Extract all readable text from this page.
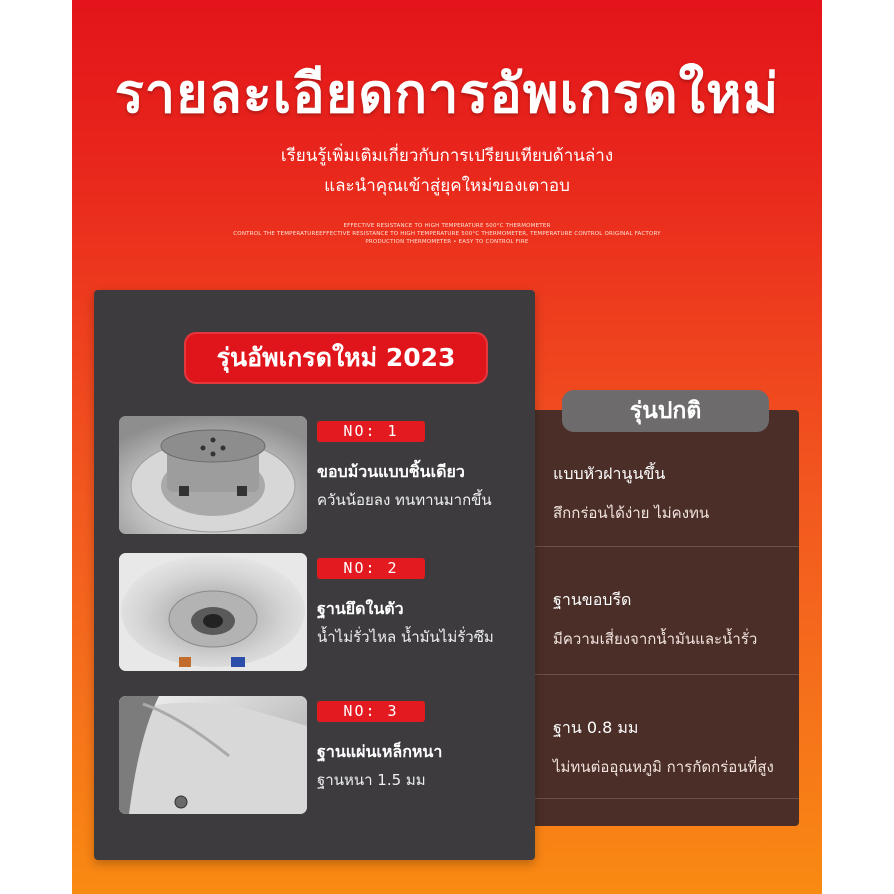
รายละเอียดการอัพเกรดใหม่
เรียนรู้เพิ่มเติมเกี่ยวกับการเปรียบเทียบด้านล่าง
และนำคุณเข้าสู่ยุคใหม่ของเตาอบ
EFFECTIVE RESISTANCE TO HIGH TEMPERATURE 500°C THERMOMETER
CONTROL THE TEMPERATUREEFFECTIVE RESISTANCE TO HIGH TEMPERATURE 500°C THERMOMETER, TEMPERATURE CONTROL ORIGINAL FACTORY
PRODUCTION THERMOMETER • EASY TO CONTROL FIRE
แบบหัวฝานูนขึ้น
สึกกร่อนได้ง่าย ไม่คงทน
ฐานขอบรีด
มีความเสี่ยงจากน้ำมันและน้ำรั่ว
ฐาน 0.8 มม
ไม่ทนต่ออุณหภูมิ การกัดกร่อนที่สูง
รุ่นอัพเกรดใหม่ 2023
NO: 1
ขอบม้วนแบบชิ้นเดียว
ควันน้อยลง ทนทานมากขึ้น
NO: 2
ฐานยึดในตัว
น้ำไม่รั่วไหล น้ำมันไม่รั่วซึม
NO: 3
ฐานแผ่นเหล็กหนา
ฐานหนา 1.5 มม
รุ่นปกติ
